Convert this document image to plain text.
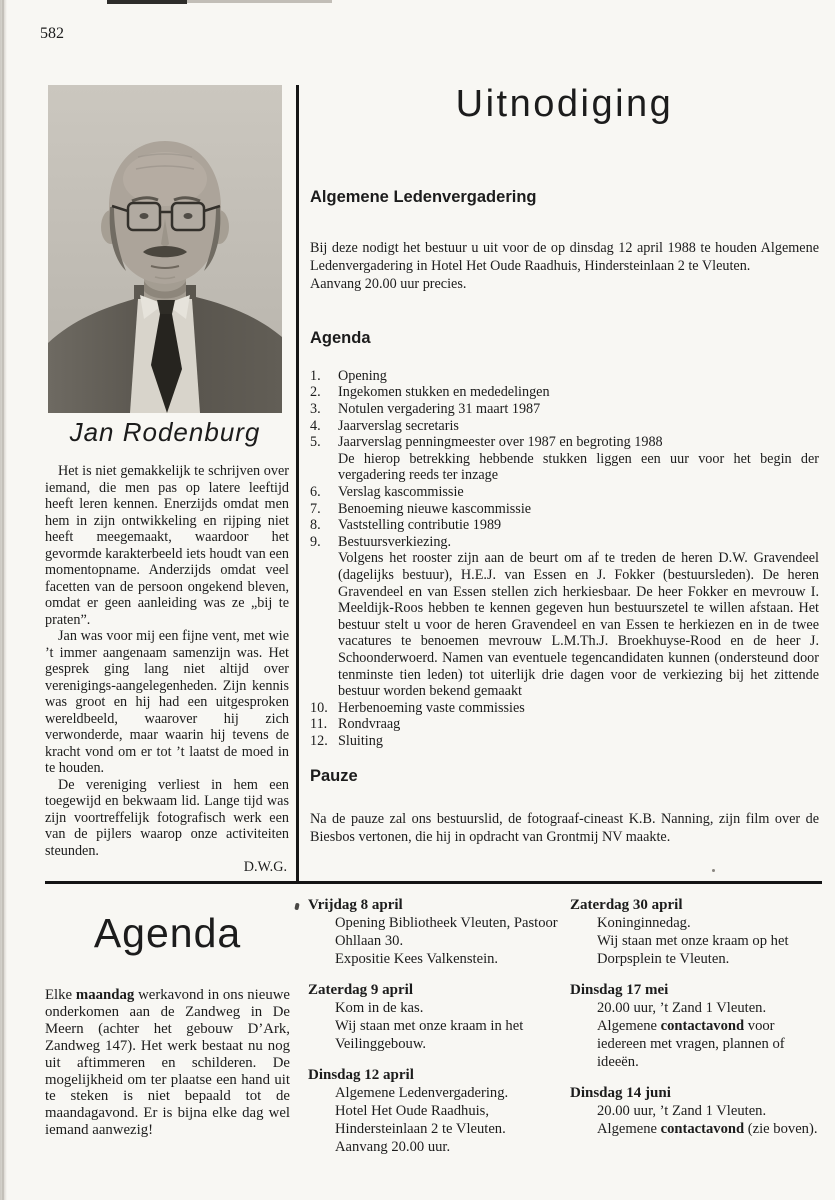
582
Jan Rodenburg

Het is niet gemakkelijk te schrijven over iemand, die men pas op latere leeftijd heeft leren kennen. Enerzijds omdat men hem in zijn ontwikkeling en rijping niet heeft meegemaakt, waardoor het gevormde karakterbeeld iets houdt van een momentopname. Anderzijds omdat veel facetten van de persoon ongekend bleven, omdat er geen aanleiding was ze „bij te praten”.

Jan was voor mij een fijne vent, met wie ’t immer aangenaam samenzijn was. Het gesprek ging lang niet altijd over verenigings-aangelegenheden. Zijn kennis was groot en hij had een uitgesproken wereldbeeld, waarover hij zich verwonderde, maar waarin hij tevens de kracht vond om er tot ’t laatst de moed in te houden.

De vereniging verliest in hem een toegewijd en bekwaam lid. Lange tijd was zijn voortreffelijk fotografisch werk een van de pijlers waarop onze activiteiten steunden.

D.W.G.

Uitnodiging
Algemene Ledenvergadering

Bij deze nodigt het bestuur u uit voor de op dinsdag 12 april 1988 te houden Algemene Ledenvergadering in Hotel Het Oude Raadhuis, Hindersteinlaan 2 te Vleuten.

Aanvang 20.00 uur precies.

Agenda
1. Opening
2. Ingekomen stukken en mededelingen
3. Notulen vergadering 31 maart 1987
4. Jaarverslag secretaris
5. Jaarverslag penningmeester over 1987 en begroting 1988
De hierop betrekking hebbende stukken liggen een uur voor het begin der vergadering reeds ter inzage
6. Verslag kascommissie
7. Benoeming nieuwe kascommissie
8. Vaststelling contributie 1989
9. Bestuursverkiezing.
Volgens het rooster zijn aan de beurt om af te treden de heren D.W. Gravendeel (dagelijks bestuur), H.E.J. van Essen en J. Fokker (bestuursleden). De heren Gravendeel en van Essen stellen zich herkiesbaar. De heer Fokker en mevrouw I. Meeldijk-Roos hebben te kennen gegeven hun bestuurszetel te willen afstaan. Het bestuur stelt u voor de heren Gravendeel en van Essen te herkiezen en in de twee vacatures te benoemen mevrouw L.M.Th.J. Broekhuyse-Rood en de heer J. Schoonderwoerd. Namen van eventuele tegencandidaten kunnen (ondersteund door tenminste tien leden) tot uiterlijk drie dagen voor de verkiezing bij het zittende bestuur worden bekend gemaakt
10. Herbenoeming vaste commissies
11. Rondvraag
12. Sluiting
Pauze

Na de pauze zal ons bestuurslid, de fotograaf-cineast K.B. Nanning, zijn film over de Biesbos vertonen, die hij in opdracht van Grontmij NV maakte.

Agenda

Elke maandag werkavond in ons nieuwe onderkomen aan de Zandweg in De Meern (achter het gebouw D’Ark, Zandweg 147). Het werk bestaat nu nog uit aftimmeren en schilderen. De mogelijkheid om ter plaatse een hand uit te steken is niet bepaald tot de maandagavond. Er is bijna elke dag wel iemand aanwezig!

Vrijdag 8 april
Opening Bibliotheek Vleuten, Pastoor Ohllaan 30.
Expositie Kees Valkenstein.
Zaterdag 9 april
Kom in de kas.
Wij staan met onze kraam in het Veilinggebouw.
Dinsdag 12 april
Algemene Ledenvergadering.
Hotel Het Oude Raadhuis, Hindersteinlaan 2 te Vleuten.
Aanvang 20.00 uur.
Zaterdag 30 april
Koninginnedag.
Wij staan met onze kraam op het Dorpsplein te Vleuten.
Dinsdag 17 mei
20.00 uur, ’t Zand 1 Vleuten.
Algemene contactavond voor iedereen met vragen, plannen of ideeën.
Dinsdag 14 juni
20.00 uur, ’t Zand 1 Vleuten.
Algemene contactavond (zie boven).
